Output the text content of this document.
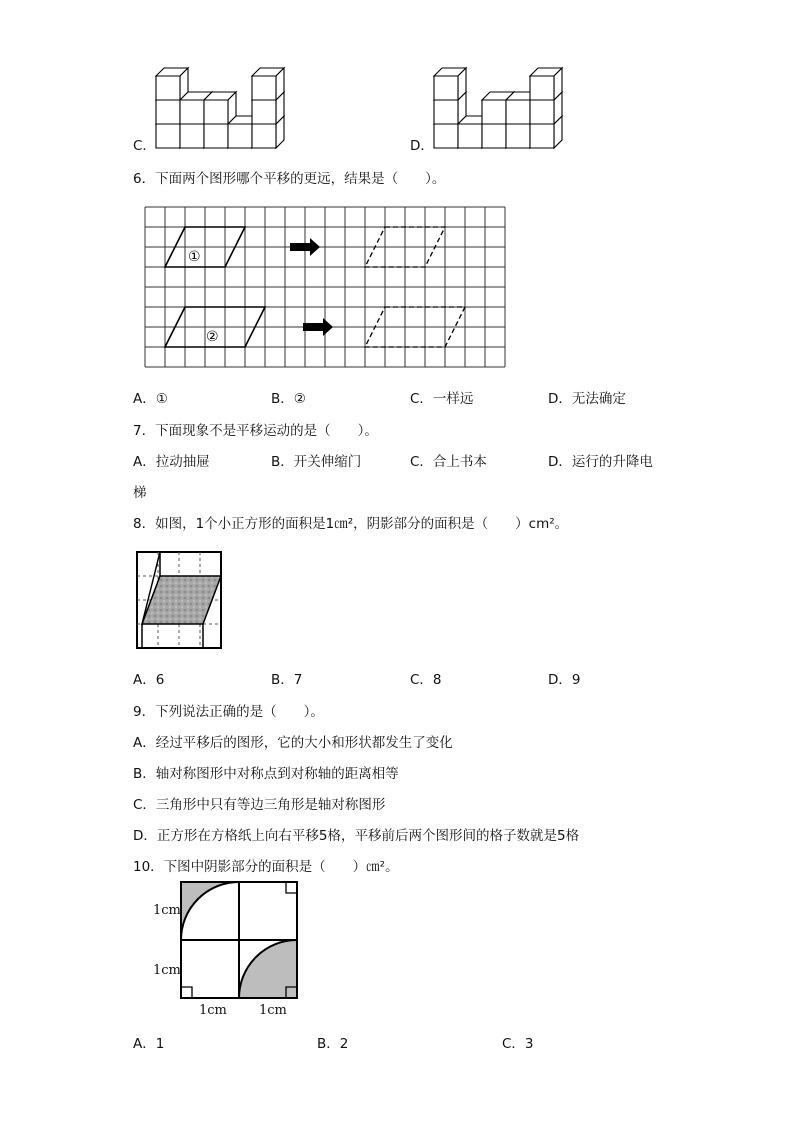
C．	D．
6．下面两个图形哪个平移的更远，结果是（　　）。
①
②
A．①	B．②	C．一样远	D．无法确定
7．下面现象不是平移运动的是（　　）。
A．拉动抽屉	B．开关伸缩门	C．合上书本	D．运行的升降电
梯
8．如图，1个小正方形的面积是1㎝²，阴影部分的面积是（　　）cm²。
A．6	B．7	C．8	D．9
9．下列说法正确的是（　　）。
A．经过平移后的图形，它的大小和形状都发生了变化
B．轴对称图形中对称点到对称轴的距离相等
C．三角形中只有等边三角形是轴对称图形
D．正方形在方格纸上向右平移5格，平移前后两个图形间的格子数就是5格
10．下图中阴影部分的面积是（　　）㎝²。
1cm
1cm
1cm 1cm
A．1	B．2	C．3
